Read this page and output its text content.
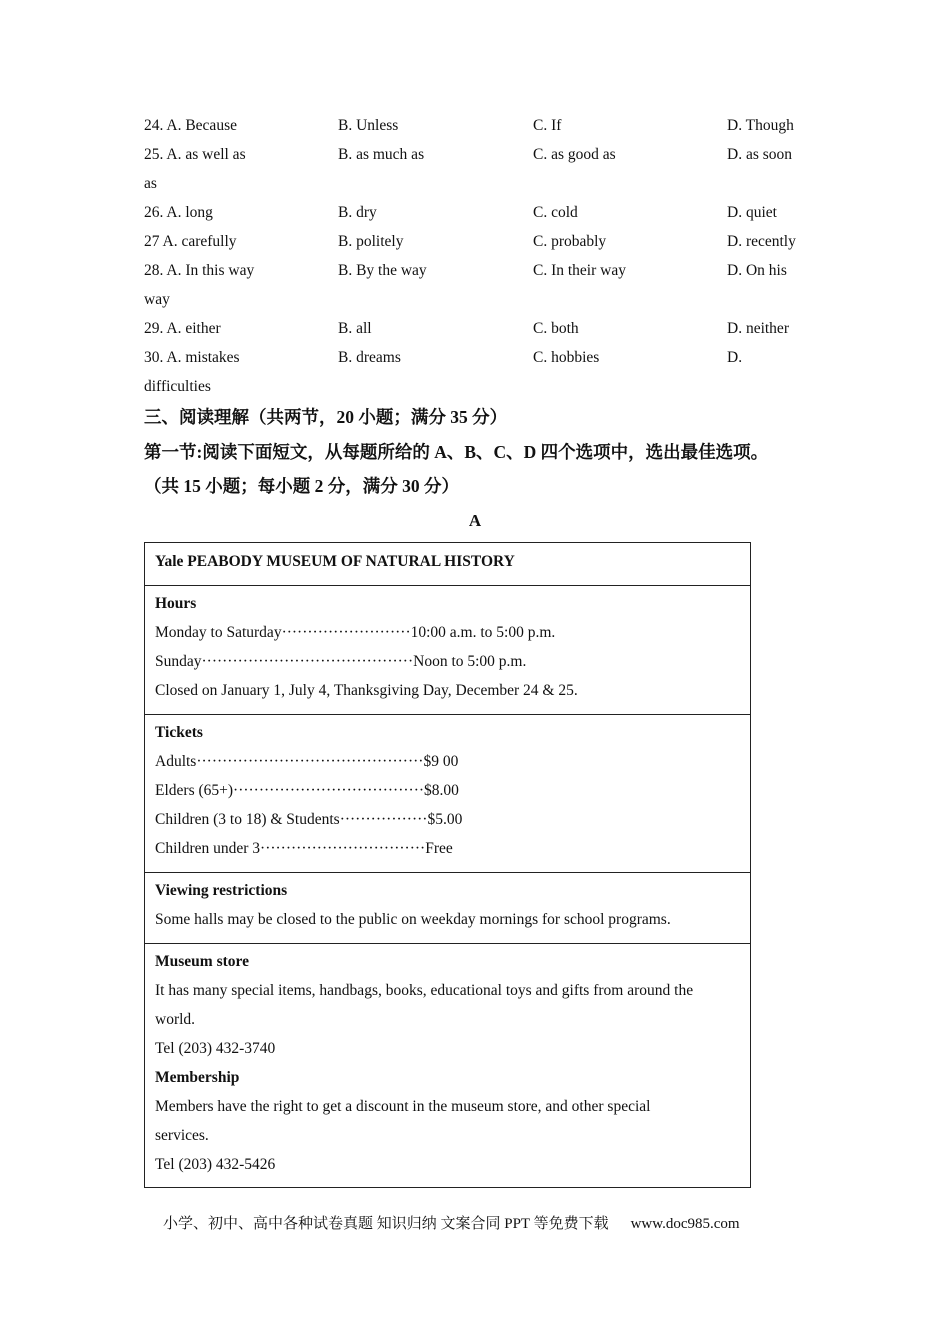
24. A. Because	B. Unless	C. If	D. Though
25. A. as well as	B. as much as	C. as good as	D. as soon
as
26. A. long	B. dry	C. cold	D. quiet
27 A. carefully	B. politely	C. probably	D. recently
28. A. In this way	B. By the way	C. In their way	D. On his
way
29. A. either	B. all	C. both	D. neither
30. A. mistakes	B. dreams	C. hobbies	D.
difficulties
三、阅读理解（共两节，20 小题；满分 35 分）
第一节:阅读下面短文，从每题所给的 A、B、C、D 四个选项中，选出最佳选项。
（共 15 小题；每小题 2 分，满分 30 分）
A
Yale PEABODY MUSEUM OF NATURAL HISTORY
Hours
Monday to Saturday·························10:00 a.m. to 5:00 p.m.
Sunday·········································Noon to 5:00 p.m.
Closed on January 1, July 4, Thanksgiving Day, December 24 & 25.
Tickets
Adults············································$9 00
Elders (65+)·····································$8.00
Children (3 to 18) & Students·················$5.00
Children under 3································Free
Viewing restrictions
Some halls may be closed to the public on weekday mornings for school programs.
Museum store
It has many special items, handbags, books, educational toys and gifts from around the
world.
Tel (203) 432-3740
Membership
Members have the right to get a discount in the museum store, and other special
services.
Tel (203) 432-5426
小学、初中、高中各种试卷真题 知识归纳 文案合同 PPT 等免费下载 www.doc985.com
